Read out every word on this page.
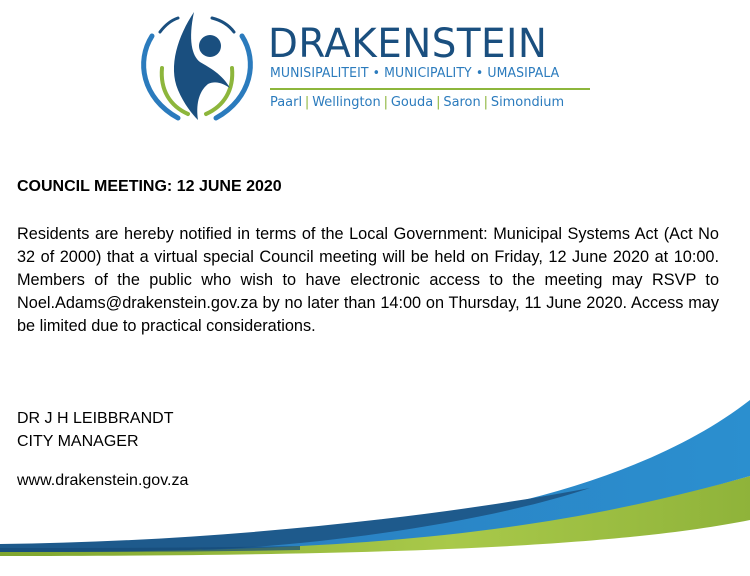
DRAKENSTEIN
MUNISIPALITEIT • MUNICIPALITY • UMASIPALA
Paarl | Wellington | Gouda | Saron | Simondium
COUNCIL MEETING: 12 JUNE 2020

Residents are hereby notified in terms of the Local Government: Municipal Systems Act (Act No 32 of 2000) that a virtual special Council meeting will be held on Friday, 12 June 2020 at 10:00. Members of the public who wish to have electronic access to the meeting may RSVP to Noel.Adams@drakenstein.gov.za by no later than 14:00 on Thursday, 11 June 2020. Access may be limited due to practical considerations.

DR J H LEIBBRANDT
CITY MANAGER
www.drakenstein.gov.za
